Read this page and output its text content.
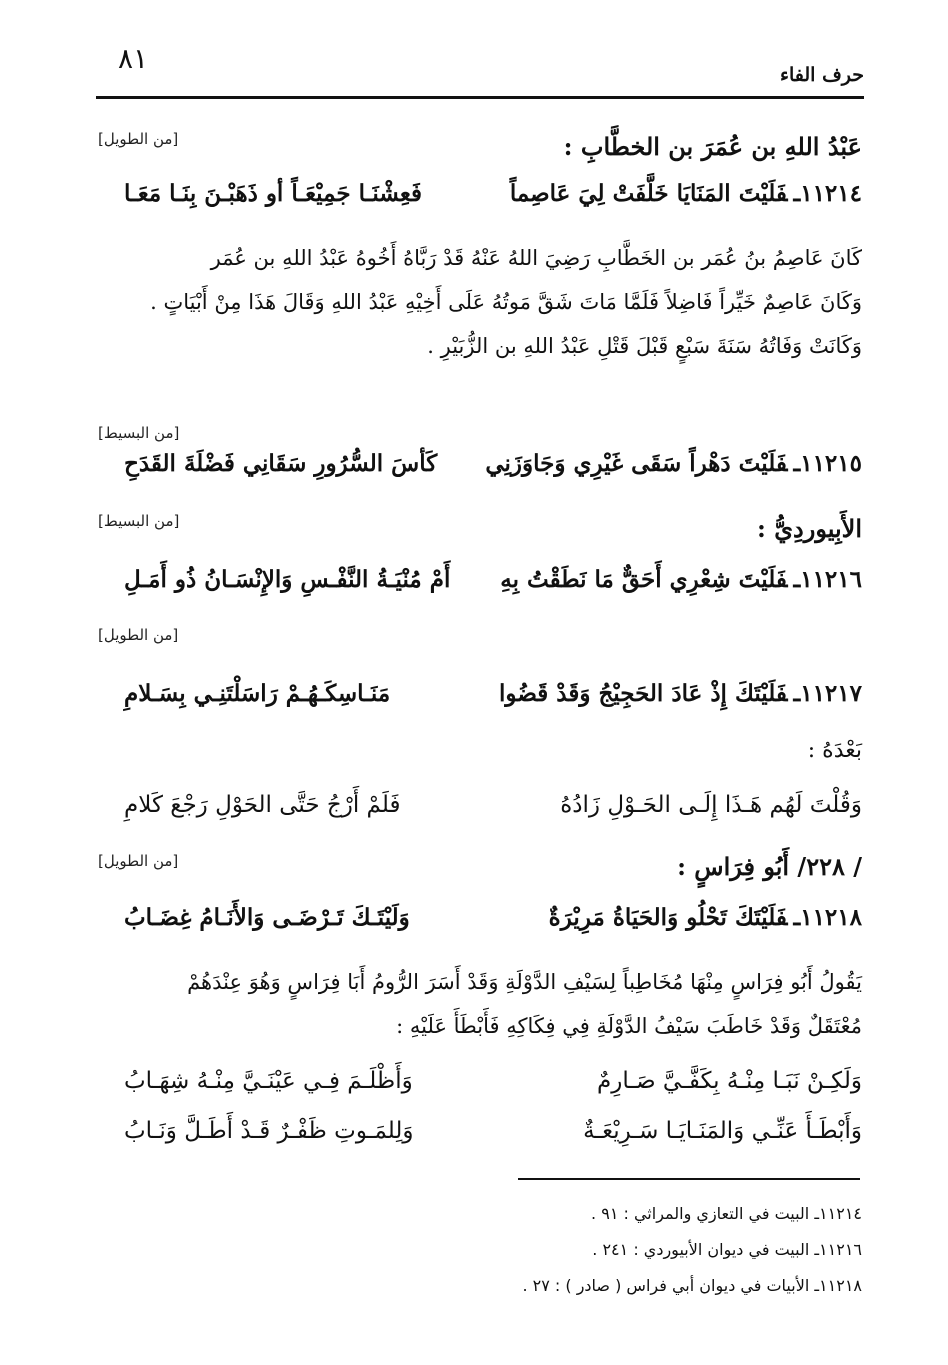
٨١	حرف الفاء
[من الطويل]	عَبْدُ اللهِ بن عُمَرَ بن الخطَّابِ :
١١٢١٤ـفَلَيْتَ المَنَايَا خَلَّفَتْ لِيَ عَاصِماً
فَعِشْنَـا جَمِيْعَـاً أو ذَهَبْـنَ بِنَـا مَعَـا
كَانَ عَاصِمُ بنُ عُمَر بن الخَطَّابِ رَضِيَ اللهُ عَنْهُ قَدْ رَبَّاهُ أَخُوهُ عَبْدُ اللهِ بن عُمَر
وَكَانَ عَاصِمٌ خَيِّراً فَاضِلاً فَلَمَّا مَاتَ شَقَّ مَوتُهُ عَلَى أَخِيْهِ عَبْدُ اللهِ وَقَالَ هَذَا مِنْ أَبْيَاتٍ .
وَكَانَتْ وَفَاتُهُ سَنَةَ سَبْعٍ قَبْلَ قَتْلِ عَبْدُ اللهِ بن الزُّبَيْرِ .
[من البسيط]
١١٢١٥ـفَلَيْتَ دَهْراً سَقَى غَيْرِي وَجَاوَزَنِي
كَأسَ السُّرُورِ سَقَانِي فَضْلَةَ القَدَحِ
[من البسيط]	الأَبِيوردِيُّ :
١١٢١٦ـفَلَيْتَ شِعْرِي أَحَقٌّ مَا نَطَقْتُ بِهِ
أَمْ مُنْيَـةُ النَّفْـسِ وَالإِنْسَـانُ ذُو أَمَـلِ
[من الطويل]
١١٢١٧ـفَلَيْتَكَ إِذْ عَادَ الحَجِيْجُ وَقَدْ قَضُوا
مَنَـاسِكَـهُـمْ رَاسَلْتَنِـي بِسَـلامِ
بَعْدَهُ :
وَقُلْتَ لَهُم هَـذَا إِلَـى الحَـوْلِ زَادُهُ
فَلَمْ أَرْجُ حَتَّى الحَوْلِ رَجْعَ كَلامِ
[من الطويل]	/ ٢٢٨/ أَبُو فِرَاسٍ :
١١٢١٨ـفَلَيْتَكَ تَحْلُو وَالحَيَاةُ مَرِيْرَةٌ
وَلَيْتَـكَ تَـرْضَـى وَالأَنَـامُ غِضَـابُ
يَقُولُ أَبُو فِرَاسٍ مِنْهَا مُخَاطِباً لِسَيْفِ الدَّوْلَةِ وَقَدْ أَسَرَ الرُّومُ أَبَا فِرَاسٍ وَهُوَ عِنْدَهُمْ
مُعْتَقَلٌ وَقَدْ خَاطَبَ سَيْفُ الدَّوْلَةِ فِي فِكَاكِهِ فَأَبْطَأَ عَلَيْهِ :
وَلَكِـنْ نَبَـا مِنْـهُ بِكَفَّـيَّ صَـارِمٌ
وَأَظْلَـمَ فِـي عَيْنَـيَّ مِنْـهُ شِهَـابُ
وَأَبْطَـأَ عَنِّـي وَالمَنَـايَـا سَـرِيْعَـةٌ
وَلِلمَـوتِ ظَفْـرٌ قَـدْ أَطَـلَّ وَنَـابُ
١١٢١٤ـ البيت في التعازي والمراثي : ٩١ .
١١٢١٦ـ البيت في ديوان الأبيوردي : ٢٤١ .
١١٢١٨ـ الأبيات في ديوان أبي فراس ( صادر ) : ٢٧ .
